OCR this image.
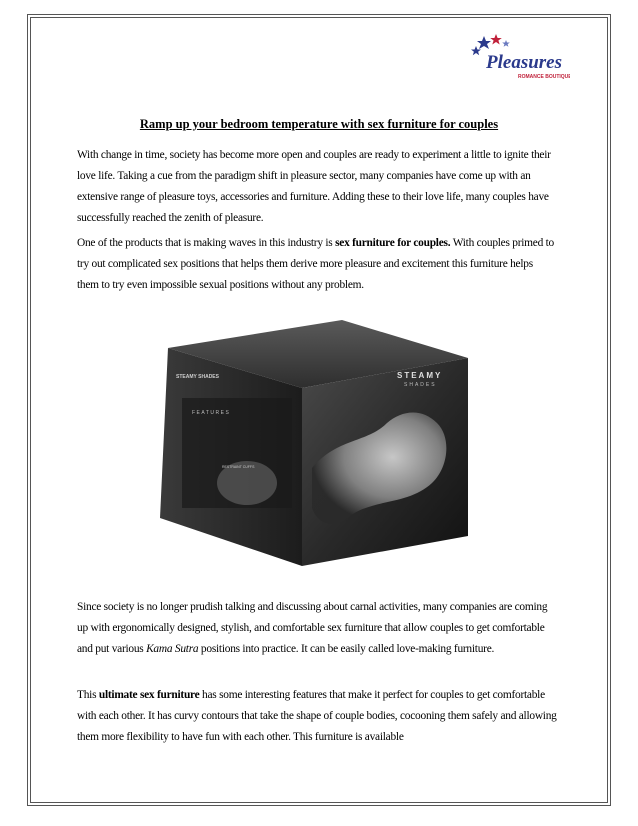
Pleasures
ROMANCE BOUTIQUE
Ramp up your bedroom temperature with sex furniture for couples

With change in time, society has become more open and couples are ready to experiment a little to ignite their love life. Taking a cue from the paradigm shift in pleasure sector, many companies have come up with an extensive range of pleasure toys, accessories and furniture. Adding these to their love life, many couples have successfully reached the zenith of pleasure.

One of the products that is making waves in this industry is sex furniture for couples. With couples primed to try out complicated sex positions that helps them derive more pleasure and excitement this furniture helps them to try even impossible sexual positions without any problem.

STEAMY
SHADES
STEAMY SHADES
FEATURES
RESTRAINT CUFFS

Since society is no longer prudish talking and discussing about carnal activities, many companies are coming up with ergonomically designed, stylish, and comfortable sex furniture that allow couples to get comfortable and put various Kama Sutra positions into practice. It can be easily called love-making furniture.

This ultimate sex furniture has some interesting features that make it perfect for couples to get comfortable with each other. It has curvy contours that take the shape of couple bodies, cocooning them safely and allowing them more flexibility to have fun with each other. This furniture is available
